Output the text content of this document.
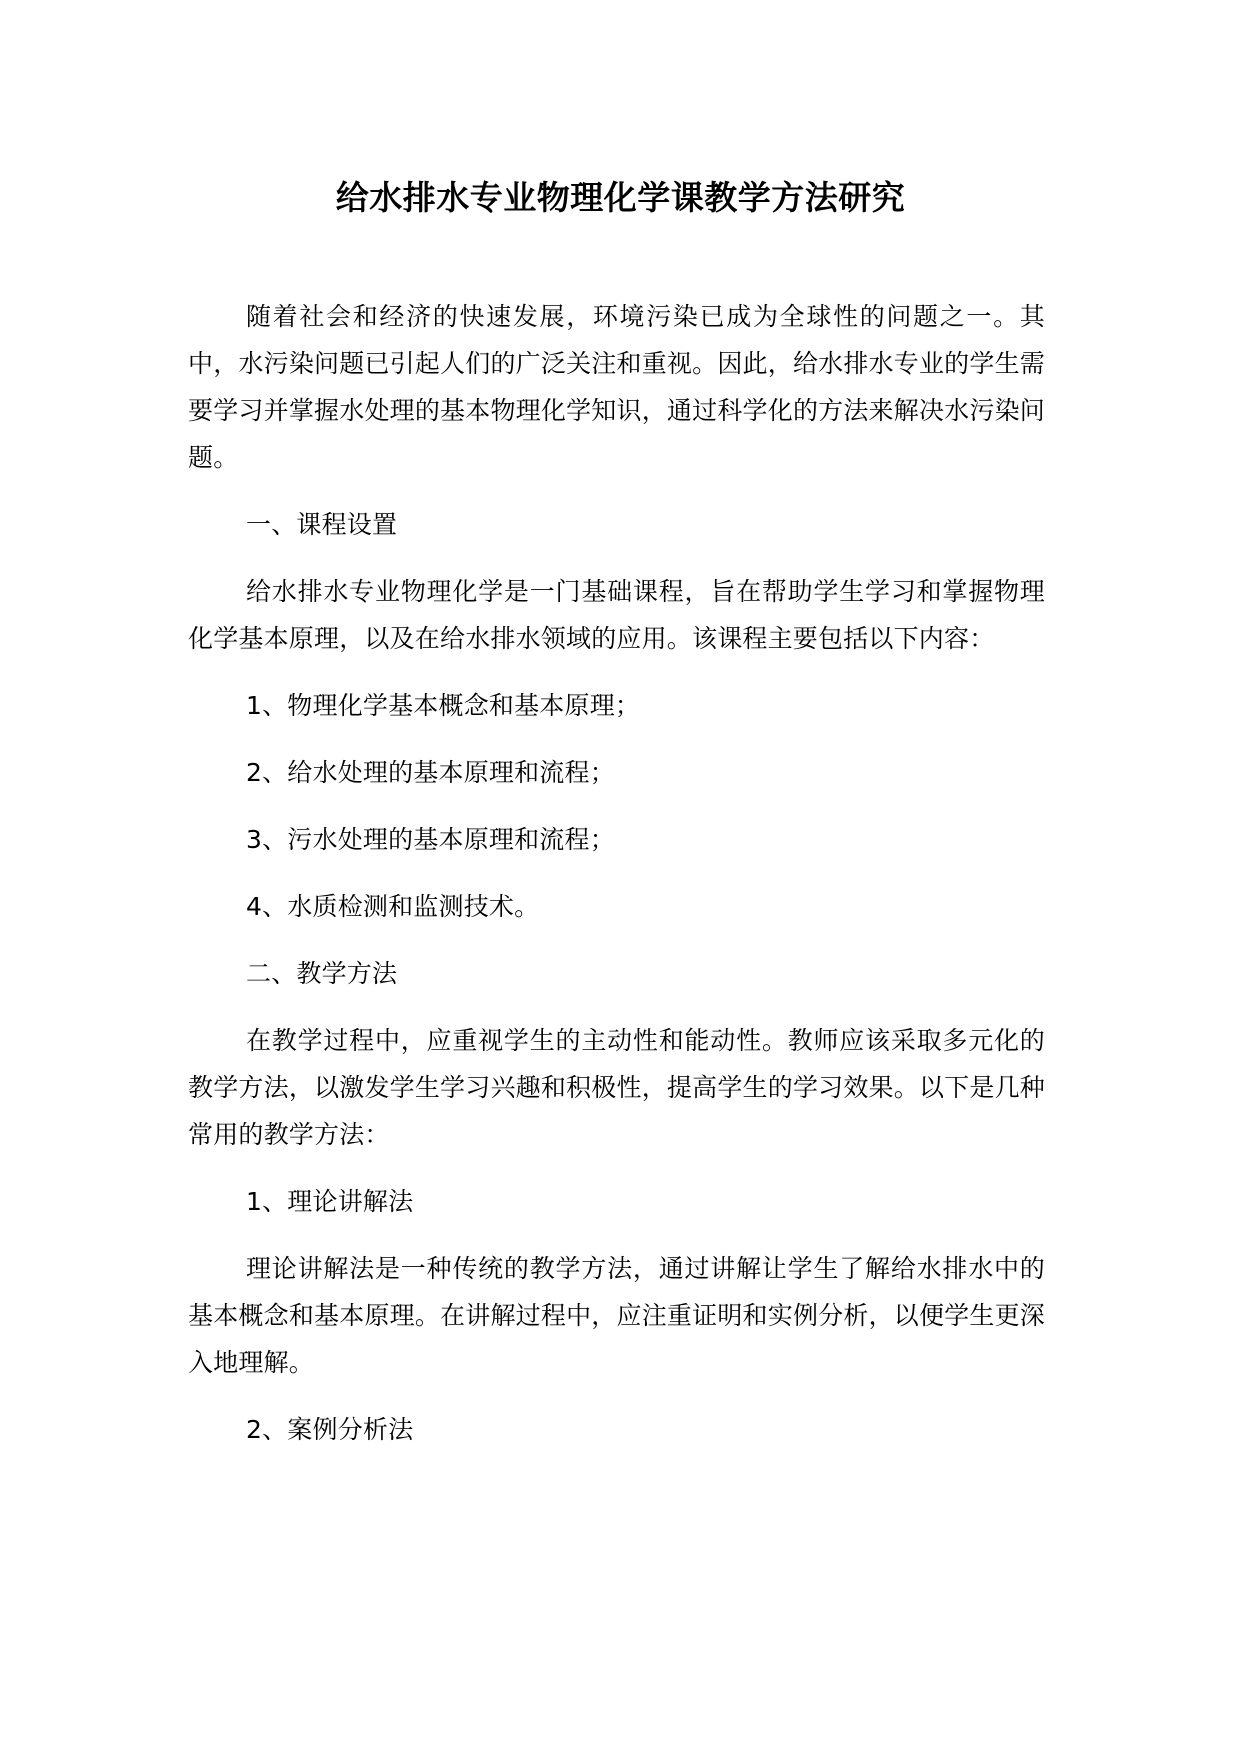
给水排水专业物理化学课教学方法研究

随着社会和经济的快速发展，环境污染已成为全球性的问题之一。其中，水污染问题已引起人们的广泛关注和重视。因此，给水排水专业的学生需要学习并掌握水处理的基本物理化学知识，通过科学化的方法来解决水污染问题。

一、课程设置

给水排水专业物理化学是一门基础课程，旨在帮助学生学习和掌握物理化学基本原理，以及在给水排水领域的应用。该课程主要包括以下内容：

1、物理化学基本概念和基本原理；

2、给水处理的基本原理和流程；

3、污水处理的基本原理和流程；

4、水质检测和监测技术。

二、教学方法

在教学过程中，应重视学生的主动性和能动性。教师应该采取多元化的教学方法，以激发学生学习兴趣和积极性，提高学生的学习效果。以下是几种常用的教学方法：

1、理论讲解法

理论讲解法是一种传统的教学方法，通过讲解让学生了解给水排水中的基本概念和基本原理。在讲解过程中，应注重证明和实例分析，以便学生更深入地理解。

2、案例分析法
